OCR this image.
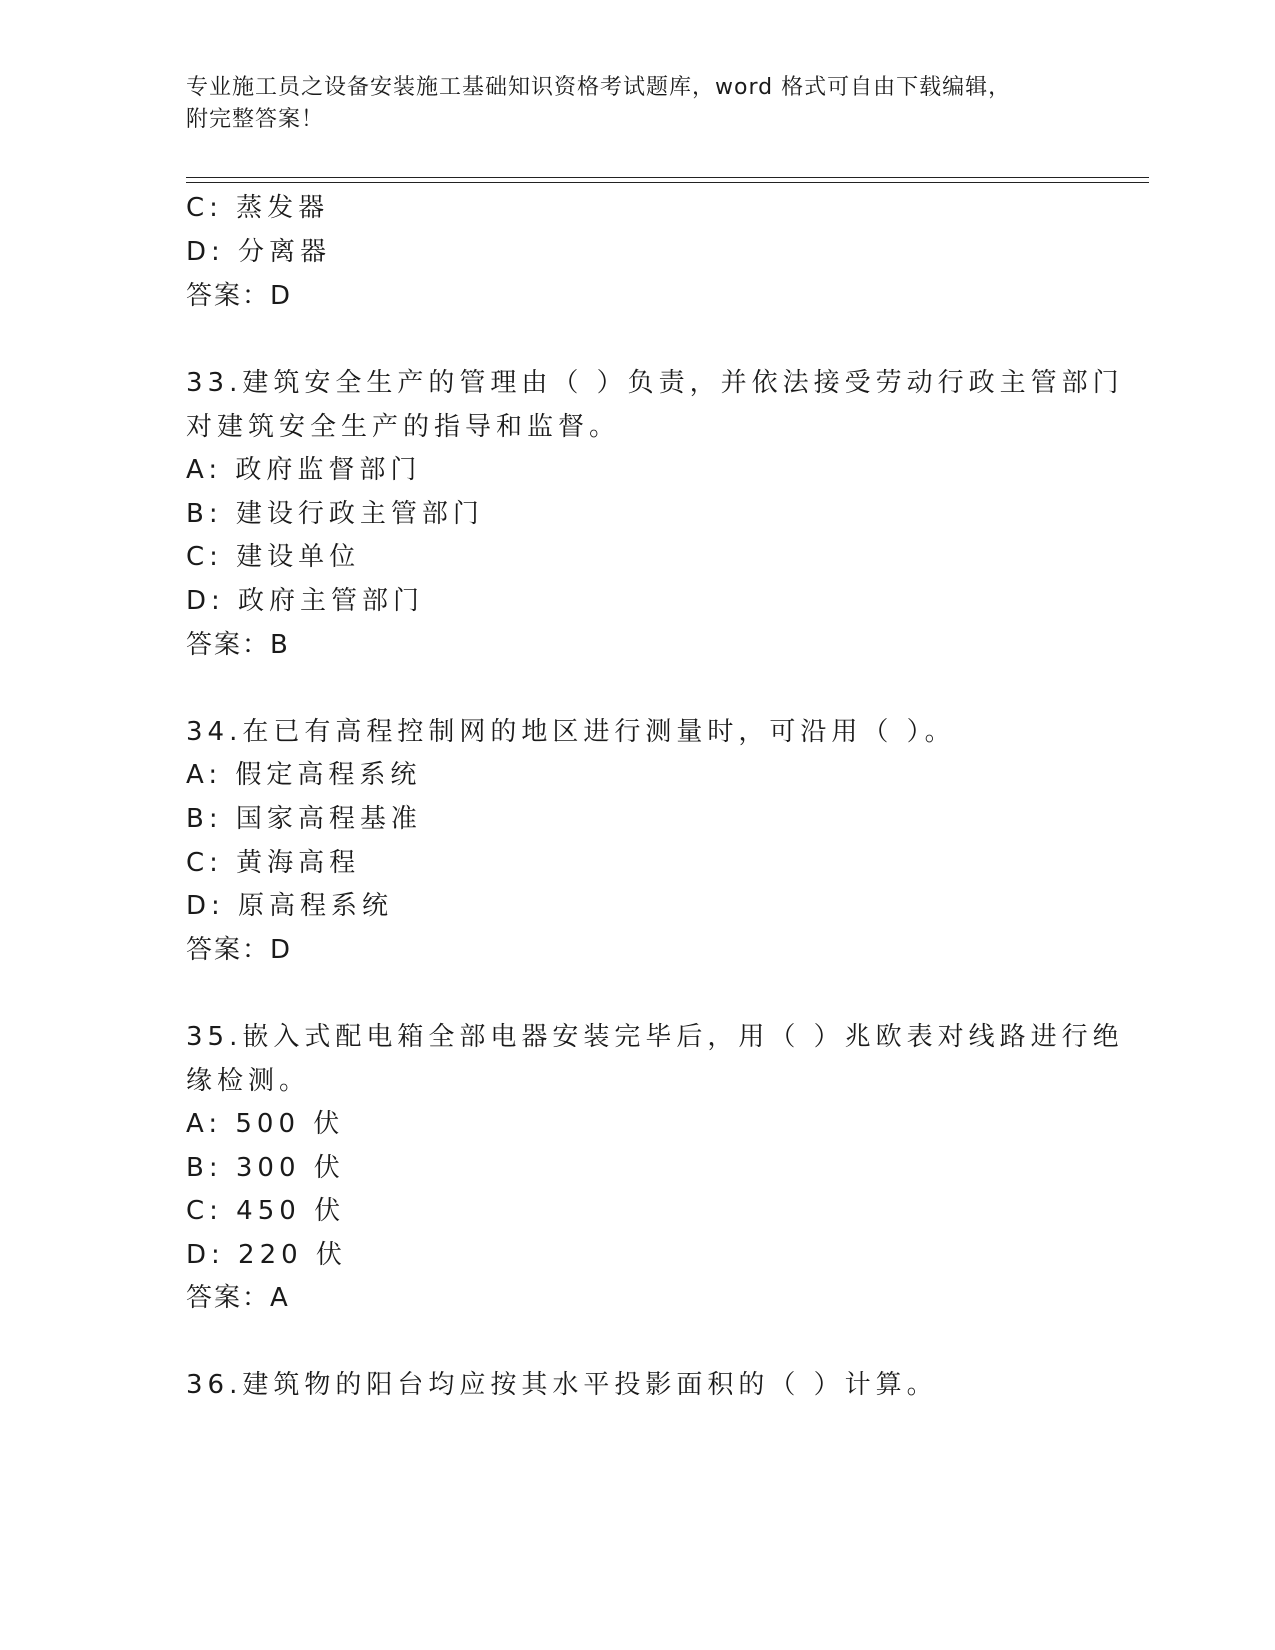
专业施工员之设备安装施工基础知识资格考试题库，word 格式可自由下载编辑，
附完整答案！
C: 蒸发器
D: 分离器
答案：D
33.建筑安全生产的管理由（ ）负责，并依法接受劳动行政主管部门
对建筑安全生产的指导和监督。
A: 政府监督部门
B: 建设行政主管部门
C: 建设单位
D: 政府主管部门
答案：B
34.在已有高程控制网的地区进行测量时，可沿用（ ）。
A: 假定高程系统
B: 国家高程基准
C: 黄海高程
D: 原高程系统
答案：D
35.嵌入式配电箱全部电器安装完毕后，用（ ）兆欧表对线路进行绝
缘检测。
A: 500 伏
B: 300 伏
C: 450 伏
D: 220 伏
答案：A
36.建筑物的阳台均应按其水平投影面积的（ ）计算。
